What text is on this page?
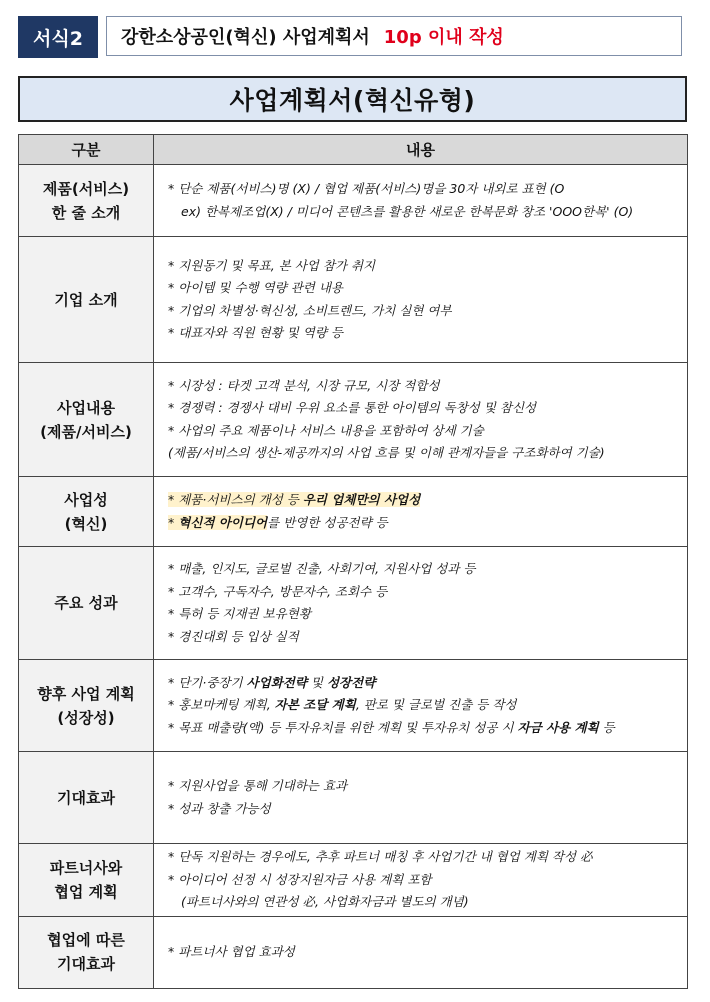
서식2	강한소상공인(혁신) 사업계획서 10p 이내 작성
사업계획서(혁신유형)
구분	내용

제품(서비스)
한 줄 소개	* 단순 제품(서비스)명 (X) / 협업 제품(서비스)명을 30자 내외로 표현 (O
ex) 한복제조업(X) / 미디어 콘텐츠를 활용한 새로운 한복문화 창조 'OOO한복' (O)

기업 소개	* 지원동기 및 목표, 본 사업 참가 취지
* 아이템 및 수행 역량 관련 내용
* 기업의 차별성·혁신성, 소비트렌드, 가치 실현 여부
* 대표자와 직원 현황 및 역량 등

사업내용
(제품/서비스)	* 시장성 : 타겟 고객 분석, 시장 규모, 시장 적합성
* 경쟁력 : 경쟁사 대비 우위 요소를 통한 아이템의 독창성 및 참신성
* 사업의 주요 제품이나 서비스 내용을 포함하여 상세 기술
(제품/서비스의 생산-제공까지의 사업 흐름 및 이해 관계자들을 구조화하여 기술)

사업성
(혁신)	* 제품·서비스의 개성 등 우리 업체만의 사업성
* 혁신적 아이디어를 반영한 성공전략 등

주요 성과	* 매출, 인지도, 글로벌 진출, 사회기여, 지원사업 성과 등
* 고객수, 구독자수, 방문자수, 조회수 등
* 특허 등 지재권 보유현황
* 경진대회 등 입상 실적

향후 사업 계획
(성장성)	* 단기·중장기 사업화전략 및 성장전략
* 홍보마케팅 계획, 자본 조달 계획, 판로 및 글로벌 진출 등 작성
* 목표 매출량(액) 등 투자유치를 위한 계획 및 투자유치 성공 시 자금 사용 계획 등

기대효과	* 지원사업을 통해 기대하는 효과
* 성과 창출 가능성

파트너사와
협업 계획	* 단독 지원하는 경우에도, 추후 파트너 매칭 후 사업기간 내 협업 계획 작성 必
* 아이디어 선정 시 성장지원자금 사용 계획 포함
(파트너사와의 연관성 必, 사업화자금과 별도의 개념)

협업에 따른
기대효과	* 파트너사 협업 효과성
